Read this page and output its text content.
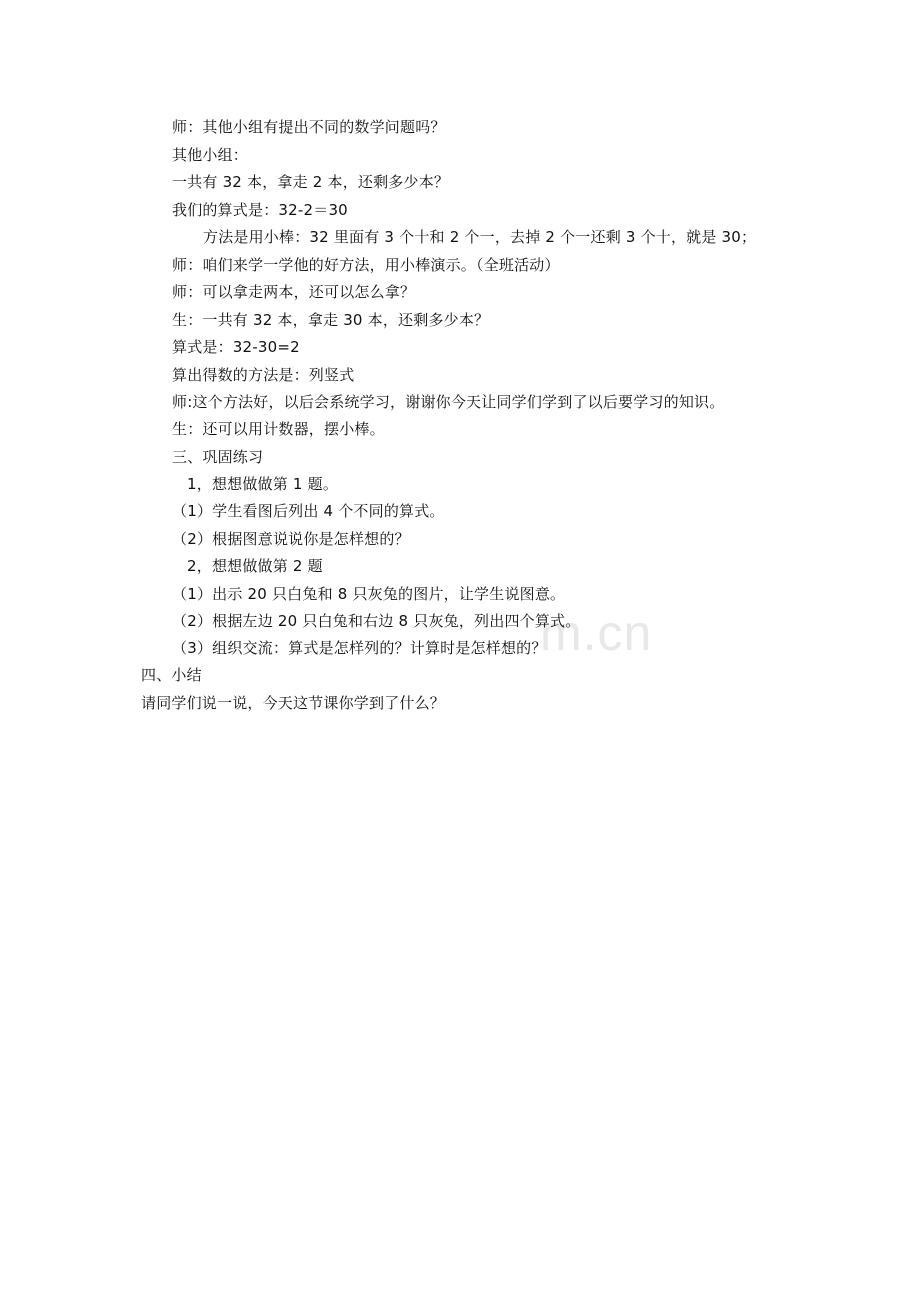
m.cn
师：其他小组有提出不同的数学问题吗？
其他小组：
一共有 32 本，拿走 2 本，还剩多少本？
我们的算式是：32-2＝30
方法是用小棒：32 里面有 3 个十和 2 个一，去掉 2 个一还剩 3 个十，就是 30；
师：咱们来学一学他的好方法，用小棒演示。（全班活动）
师：可以拿走两本，还可以怎么拿？
生：一共有 32 本，拿走 30 本，还剩多少本？
算式是：32-30=2
算出得数的方法是：列竖式
师:这个方法好，以后会系统学习，谢谢你今天让同学们学到了以后要学习的知识。
生：还可以用计数器，摆小棒。
三、巩固练习
1，想想做做第 1 题。
（1）学生看图后列出 4 个不同的算式。
（2）根据图意说说你是怎样想的？
2，想想做做第 2 题
（1）出示 20 只白兔和 8 只灰兔的图片，让学生说图意。
（2）根据左边 20 只白兔和右边 8 只灰兔，列出四个算式。
（3）组织交流：算式是怎样列的？计算时是怎样想的？
四、小结
请同学们说一说，今天这节课你学到了什么？
